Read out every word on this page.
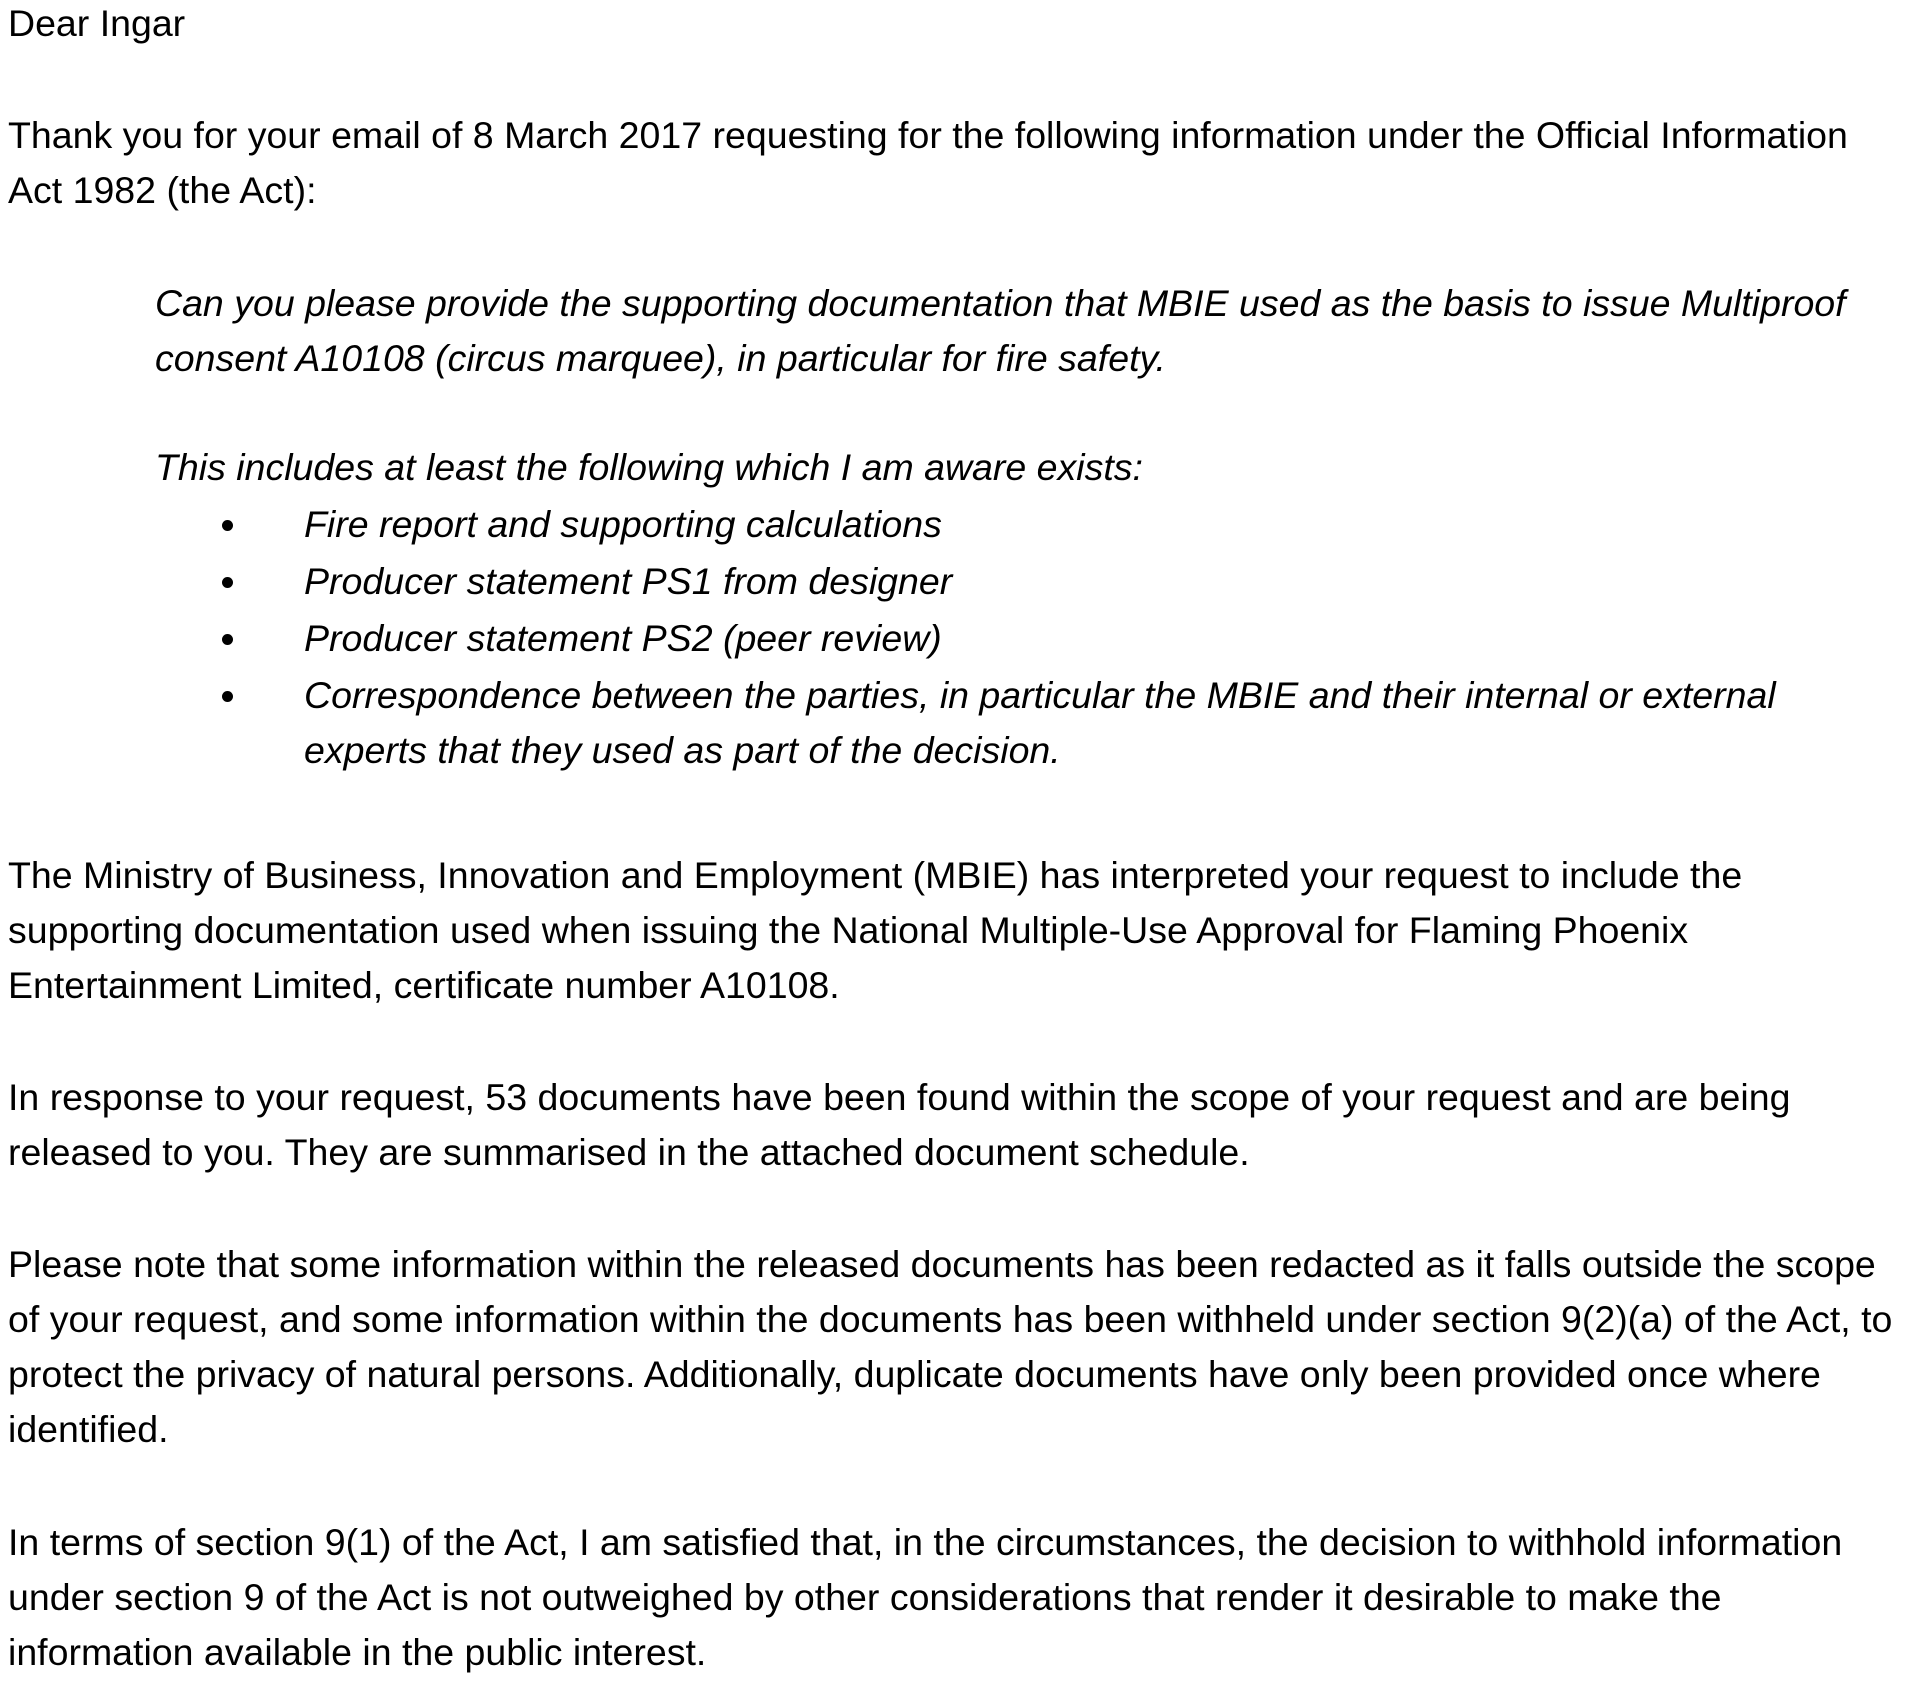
Dear Ingar

Thank you for your email of 8 March 2017 requesting for the following information under the Official Information Act 1982 (the Act):

Can you please provide the supporting documentation that MBIE used as the basis to issue Multiproof consent A10108 (circus marquee), in particular for fire safety.

This includes at least the following which I am aware exists:

Fire report and supporting calculations
Producer statement PS1 from designer
Producer statement PS2 (peer review)
Correspondence between the parties, in particular the MBIE and their internal or external experts that they used as part of the decision.

The Ministry of Business, Innovation and Employment (MBIE) has interpreted your request to include the supporting documentation used when issuing the National Multiple-Use Approval for Flaming Phoenix Entertainment Limited, certificate number A10108.

In response to your request, 53 documents have been found within the scope of your request and are being released to you. They are summarised in the attached document schedule.

Please note that some information within the released documents has been redacted as it falls outside the scope of your request, and some information within the documents has been withheld under section 9(2)(a) of the Act, to protect the privacy of natural persons. Additionally, duplicate documents have only been provided once where identified.

In terms of section 9(1) of the Act, I am satisfied that, in the circumstances, the decision to withhold information under section 9 of the Act is not outweighed by other considerations that render it desirable to make the information available in the public interest.
